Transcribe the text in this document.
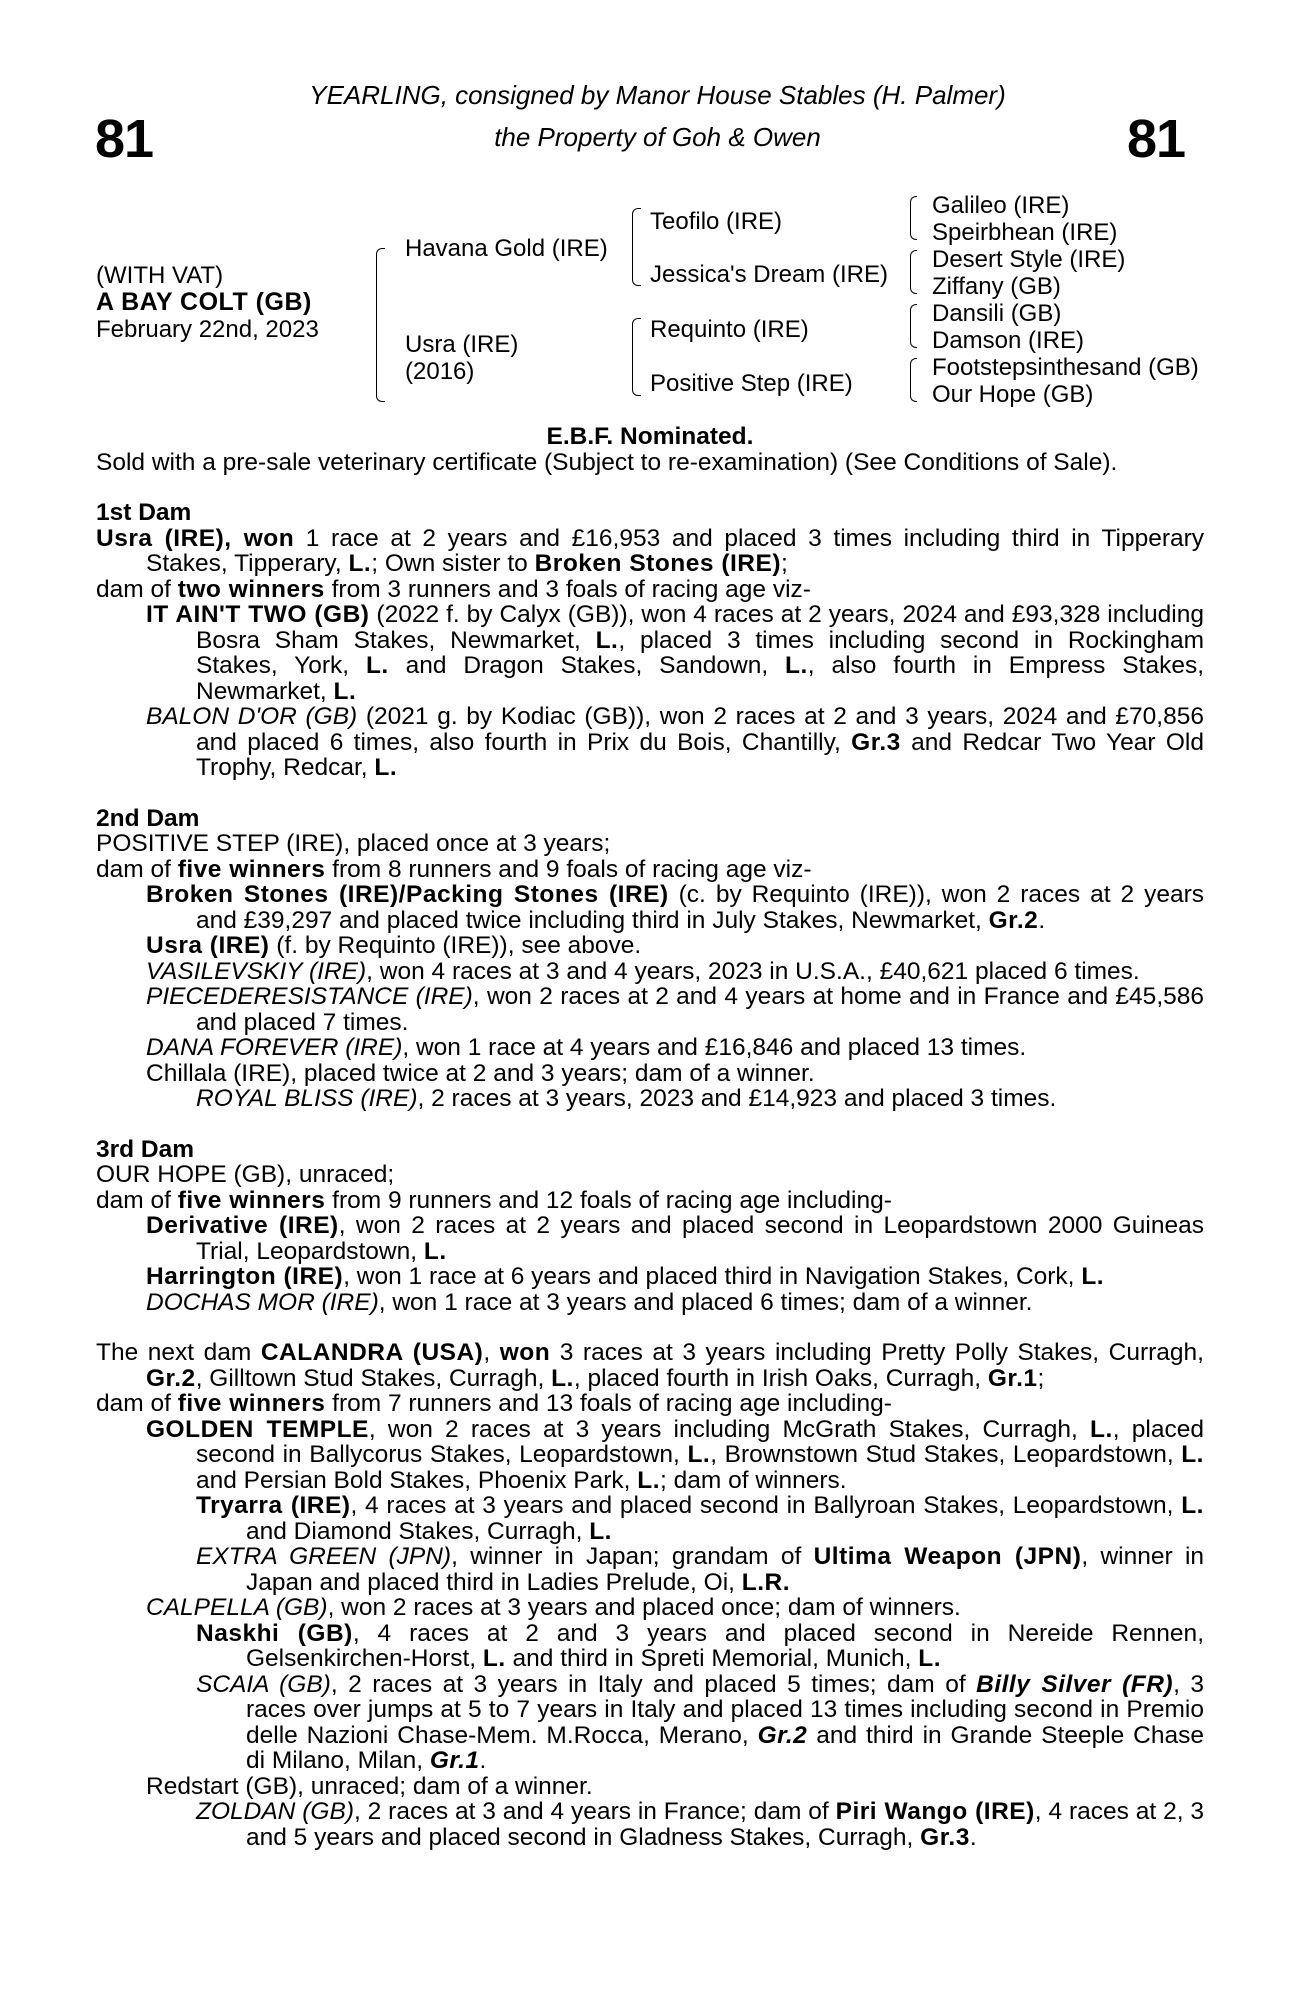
81	81
YEARLING, consigned by Manor House Stables (H. Palmer)
the Property of Goh & Owen
(WITH VAT)
A BAY COLT (GB)
February 22nd, 2023
Havana Gold (IRE)
Usra (IRE)
(2016)
Teofilo (IRE)
Jessica's Dream (IRE)
Requinto (IRE)
Positive Step (IRE)
Galileo (IRE)
Speirbhean (IRE)
Desert Style (IRE)
Ziffany (GB)
Dansili (GB)
Damson (IRE)
Footstepsinthesand (GB)
Our Hope (GB)

E.B.F. Nominated.

Sold with a pre-sale veterinary certificate (Subject to re-examination) (See Conditions of Sale).

1st Dam

Usra (IRE), won 1 race at 2 years and £16,953 and placed 3 times including third in Tipperary Stakes, Tipperary, L.; Own sister to Broken Stones (IRE);

dam of two winners from 3 runners and 3 foals of racing age viz-

IT AIN'T TWO (GB) (2022 f. by Calyx (GB)), won 4 races at 2 years, 2024 and £93,328 including Bosra Sham Stakes, Newmarket, L., placed 3 times including second in Rockingham Stakes, York, L. and Dragon Stakes, Sandown, L., also fourth in Empress Stakes, Newmarket, L.

BALON D'OR (GB) (2021 g. by Kodiac (GB)), won 2 races at 2 and 3 years, 2024 and £70,856 and placed 6 times, also fourth in Prix du Bois, Chantilly, Gr.3 and Redcar Two Year Old Trophy, Redcar, L.

2nd Dam

POSITIVE STEP (IRE), placed once at 3 years;

dam of five winners from 8 runners and 9 foals of racing age viz-

Broken Stones (IRE)/Packing Stones (IRE) (c. by Requinto (IRE)), won 2 races at 2 years and £39,297 and placed twice including third in July Stakes, Newmarket, Gr.2.

Usra (IRE) (f. by Requinto (IRE)), see above.

VASILEVSKIY (IRE), won 4 races at 3 and 4 years, 2023 in U.S.A., £40,621 placed 6 times.

PIECEDERESISTANCE (IRE), won 2 races at 2 and 4 years at home and in France and £45,586 and placed 7 times.

DANA FOREVER (IRE), won 1 race at 4 years and £16,846 and placed 13 times.

Chillala (IRE), placed twice at 2 and 3 years; dam of a winner.

ROYAL BLISS (IRE), 2 races at 3 years, 2023 and £14,923 and placed 3 times.

3rd Dam

OUR HOPE (GB), unraced;

dam of five winners from 9 runners and 12 foals of racing age including-

Derivative (IRE), won 2 races at 2 years and placed second in Leopardstown 2000 Guineas Trial, Leopardstown, L.

Harrington (IRE), won 1 race at 6 years and placed third in Navigation Stakes, Cork, L.

DOCHAS MOR (IRE), won 1 race at 3 years and placed 6 times; dam of a winner.

The next dam CALANDRA (USA), won 3 races at 3 years including Pretty Polly Stakes, Curragh, Gr.2, Gilltown Stud Stakes, Curragh, L., placed fourth in Irish Oaks, Curragh, Gr.1;

dam of five winners from 7 runners and 13 foals of racing age including-

GOLDEN TEMPLE, won 2 races at 3 years including McGrath Stakes, Curragh, L., placed second in Ballycorus Stakes, Leopardstown, L., Brownstown Stud Stakes, Leopardstown, L. and Persian Bold Stakes, Phoenix Park, L.; dam of winners.

Tryarra (IRE), 4 races at 3 years and placed second in Ballyroan Stakes, Leopardstown, L. and Diamond Stakes, Curragh, L.

EXTRA GREEN (JPN), winner in Japan; grandam of Ultima Weapon (JPN), winner in Japan and placed third in Ladies Prelude, Oi, L.R.

CALPELLA (GB), won 2 races at 3 years and placed once; dam of winners.

Naskhi (GB), 4 races at 2 and 3 years and placed second in Nereide Rennen, Gelsenkirchen-Horst, L. and third in Spreti Memorial, Munich, L.

SCAIA (GB), 2 races at 3 years in Italy and placed 5 times; dam of Billy Silver (FR), 3 races over jumps at 5 to 7 years in Italy and placed 13 times including second in Premio delle Nazioni Chase-Mem. M.Rocca, Merano, Gr.2 and third in Grande Steeple Chase di Milano, Milan, Gr.1.

Redstart (GB), unraced; dam of a winner.

ZOLDAN (GB), 2 races at 3 and 4 years in France; dam of Piri Wango (IRE), 4 races at 2, 3 and 5 years and placed second in Gladness Stakes, Curragh, Gr.3.
